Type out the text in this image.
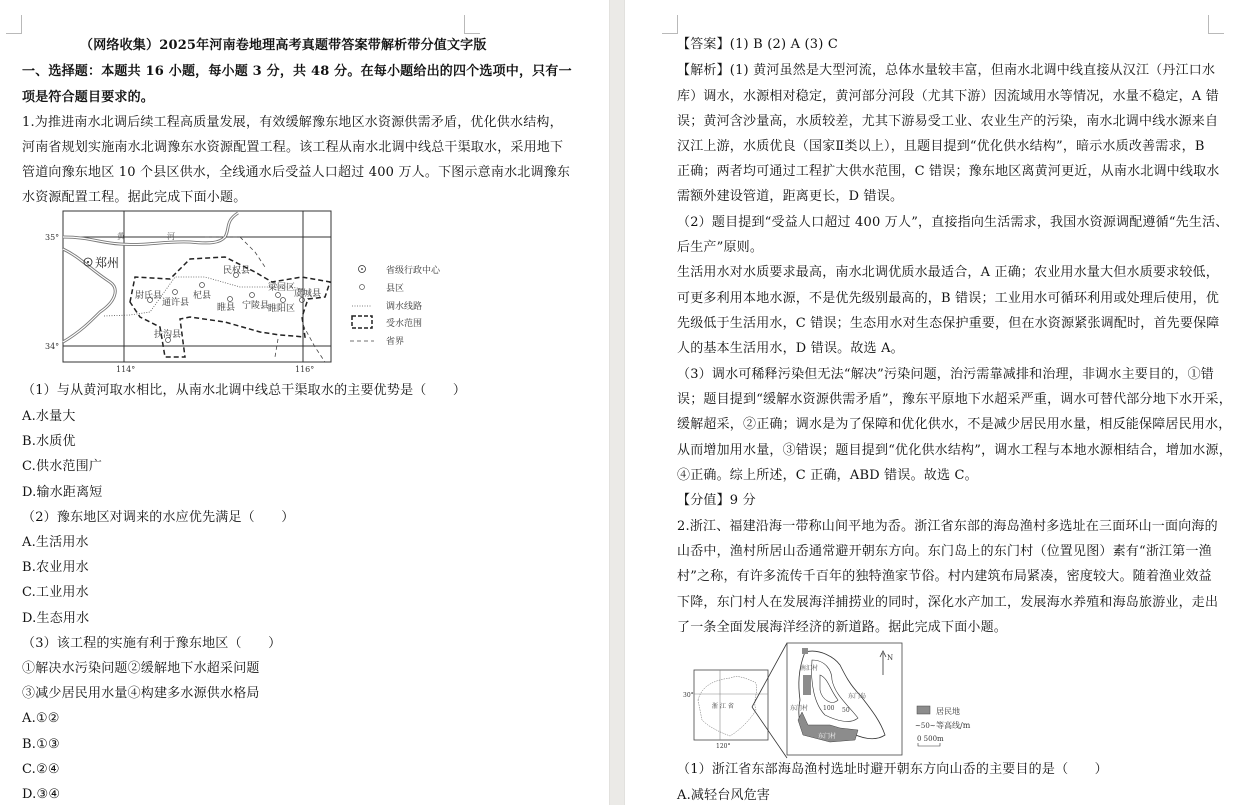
（网络收集）2025年河南卷地理高考真题带答案带解析带分值文字版
一、选择题：本题共 16 小题，每小题 3 分，共 48 分。在每小题给出的四个选项中，只有一
项是符合题目要求的。
1.为推进南水北调后续工程高质量发展，有效缓解豫东地区水资源供需矛盾，优化供水结构，
河南省规划实施南水北调豫东水资源配置工程。该工程从南水北调中线总干渠取水，采用地下
管道向豫东地区 10 个县区供水，全线通水后受益人口超过 400 万人。下图示意南水北调豫东
水资源配置工程。据此完成下面小题。
郑州
尉氏县
通许县
杞县
民权县
睢县 宁陵县
梁园区
睢阳区
虞城县
扶沟县
黄	河
35°
34°
114°	116°
省级行政中心
县区
调水线路
受水范围
省界
（1）与从黄河取水相比，从南水北调中线总干渠取水的主要优势是（　　）
A.水量大
B.水质优
C.供水范围广
D.输水距离短
（2）豫东地区对调来的水应优先满足（　　）
A.生活用水
B.农业用水
C.工业用水
D.生态用水
（3）该工程的实施有利于豫东地区（　　）
①解决水污染问题②缓解地下水超采问题
③减少居民用水量④构建多水源供水格局
A.①②
B.①③
C.②④
D.③④
【答案】(1) B (2) A (3) C
【解析】(1) 黄河虽然是大型河流，总体水量较丰富，但南水北调中线直接从汉江（丹江口水
库）调水，水源相对稳定，黄河部分河段（尤其下游）因流域用水等情况，水量不稳定，A 错
误；黄河含沙量高，水质较差，尤其下游易受工业、农业生产的污染，南水北调中线水源来自
汉江上游，水质优良（国家Ⅱ类以上），且题目提到“优化供水结构”，暗示水质改善需求，B
正确；两者均可通过工程扩大供水范围，C 错误；豫东地区离黄河更近，从南水北调中线取水
需额外建设管道，距离更长，D 错误。
（2）题目提到“受益人口超过 400 万人”，直接指向生活需求，我国水资源调配遵循“先生活、
后生产”原则。
生活用水对水质要求最高，南水北调优质水最适合，A 正确；农业用水量大但水质要求较低，
可更多利用本地水源，不是优先级别最高的，B 错误；工业用水可循环利用或处理后使用，优
先级低于生活用水，C 错误；生态用水对生态保护重要，但在水资源紧张调配时，首先要保障
人的基本生活用水，D 错误。故选 A。
（3）调水可稀释污染但无法“解决”污染问题，治污需靠减排和治理，非调水主要目的，①错
误；题目提到“缓解水资源供需矛盾”，豫东平原地下水超采严重，调水可替代部分地下水开采，
缓解超采，②正确；调水是为了保障和优化供水，不是减少居民用水量，相反能保障居民用水，
从而增加用水量，③错误；题目提到“优化供水结构”，调水工程与本地水源相结合，增加水源，
④正确。综上所述，C 正确，ABD 错误。故选 C。
【分值】9 分
2.浙江、福建沿海一带称山间平地为岙。浙江省东部的海岛渔村多选址在三面环山一面向海的
山岙中，渔村所居山岙通常避开朝东方向。东门岛上的东门村（位置见图）素有“浙江第一渔
村”之称，有许多流传千百年的独特渔家节俗。村内建筑布局紧凑，密度较大。随着渔业效益
下降，东门村人在发展海洋捕捞业的同时，深化水产加工，发展海水养殖和海岛旅游业，走出
了一条全面发展海洋经济的新道路。据此完成下面小题。
30°
120°
浙 江 省
南汇村
东门村
东门村
东门岛
100 50
N
居民地
~50~ 等高线/m
0 500m
（1）浙江省东部海岛渔村选址时避开朝东方向山岙的主要目的是（　　）
A.减轻台风危害
